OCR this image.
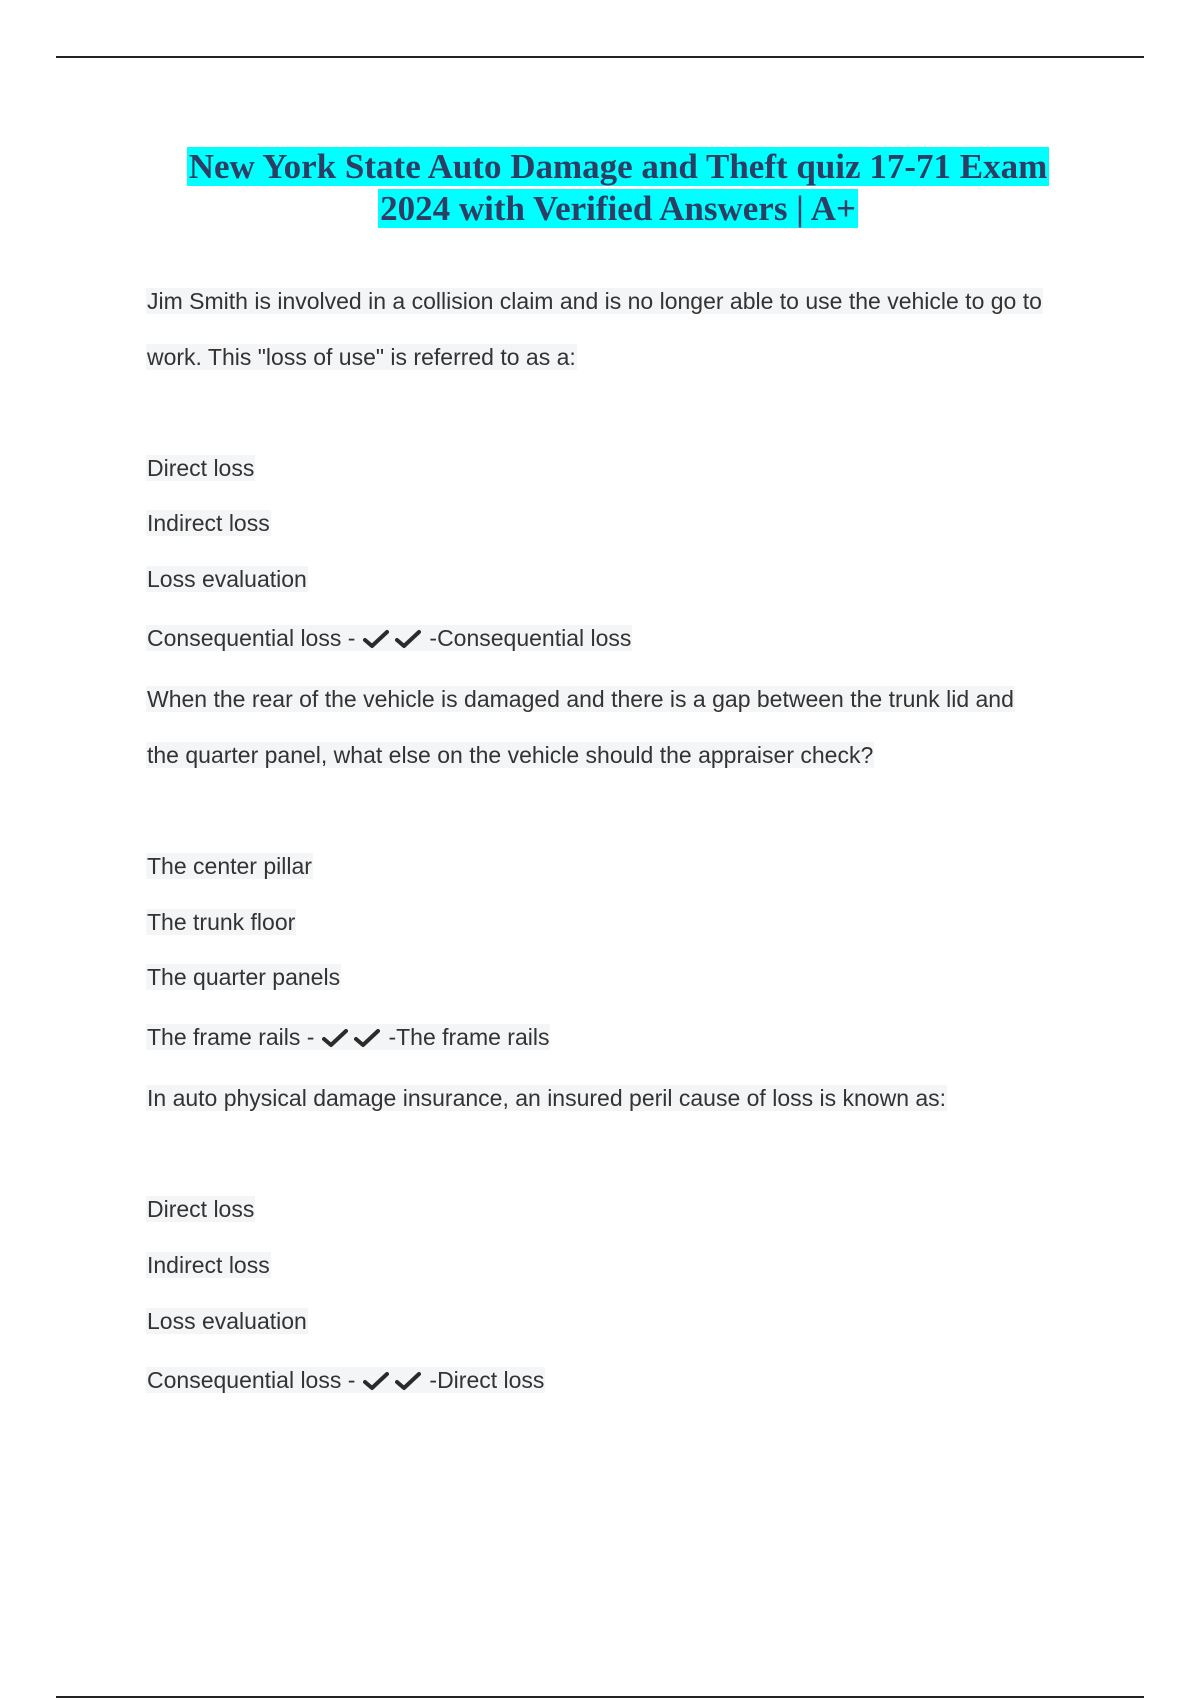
New York State Auto Damage and Theft quiz 17-71 Exam
2024 with Verified Answers | A+
Jim Smith is involved in a collision claim and is no longer able to use the vehicle to go to
work. This "loss of use" is referred to as a:
Direct loss
Indirect loss
Loss evaluation
Consequential loss -	-Consequential loss
When the rear of the vehicle is damaged and there is a gap between the trunk lid and
the quarter panel, what else on the vehicle should the appraiser check?
The center pillar
The trunk floor
The quarter panels
The frame rails -	-The frame rails
In auto physical damage insurance, an insured peril cause of loss is known as:
Direct loss
Indirect loss
Loss evaluation
Consequential loss -	-Direct loss
